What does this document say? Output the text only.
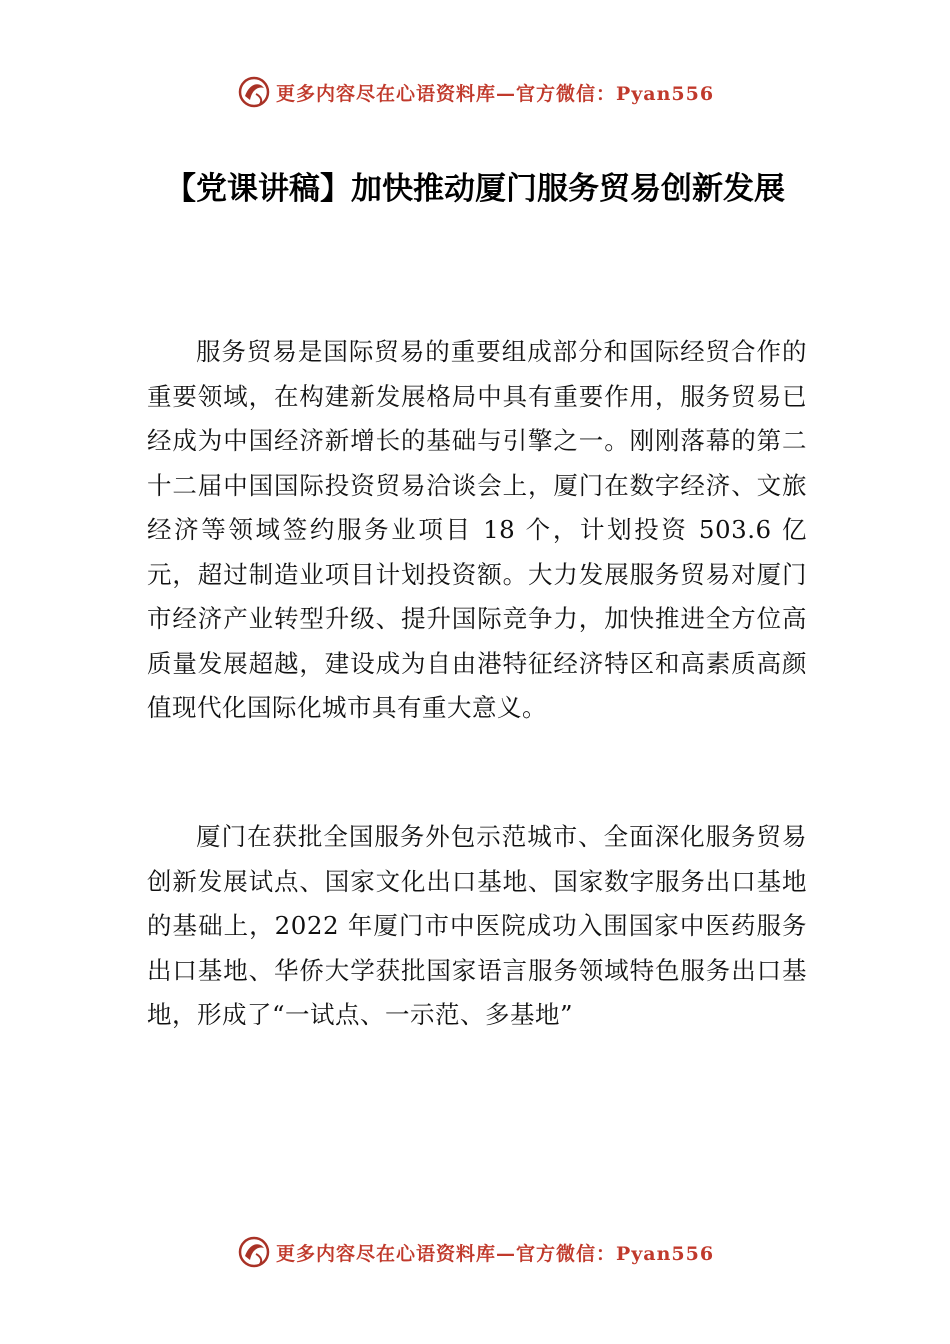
更多内容尽在心语资料库—官方微信：Pyan556
【党课讲稿】加快推动厦门服务贸易创新发展

服务贸易是国际贸易的重要组成部分和国际经贸合作的重要领域，在构建新发展格局中具有重要作用，服务贸易已经成为中国经济新增长的基础与引擎之一。刚刚落幕的第二十二届中国国际投资贸易洽谈会上，厦门在数字经济、文旅经济等领域签约服务业项目 18 个，计划投资 503.6 亿元，超过制造业项目计划投资额。大力发展服务贸易对厦门市经济产业转型升级、提升国际竞争力，加快推进全方位高质量发展超越，建设成为自由港特征经济特区和高素质高颜值现代化国际化城市具有重大意义。

厦门在获批全国服务外包示范城市、全面深化服务贸易创新发展试点、国家文化出口基地、国家数字服务出口基地的基础上，2022 年厦门市中医院成功入围国家中医药服务出口基地、华侨大学获批国家语言服务领域特色服务出口基地，形成了“一试点、一示范、多基地”

更多内容尽在心语资料库—官方微信：Pyan556
